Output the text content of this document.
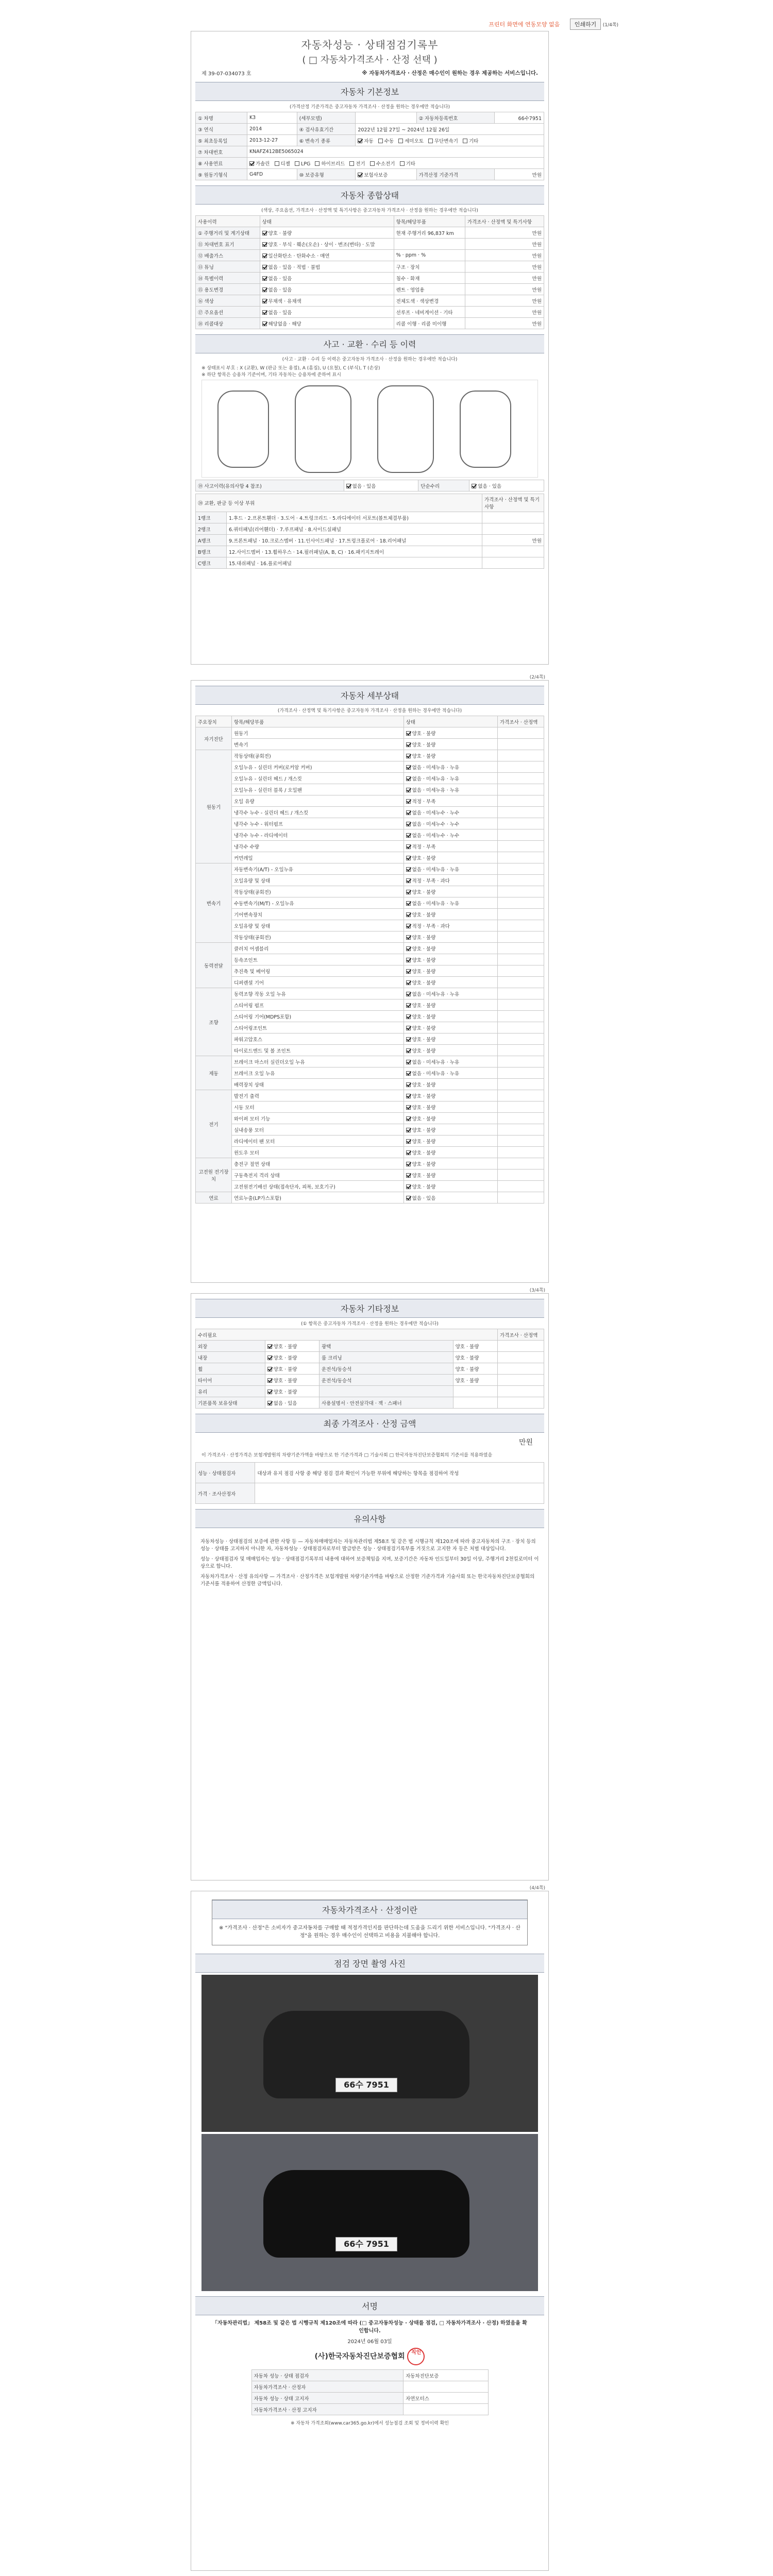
프린터 화면에 연동모양 없음	인쇄하기 (1/4쪽)
자동차성능 · 상태점검기록부
( □ 자동차가격조사 · 산정 선택 )
제 39-07-034073 호	※ 자동차가격조사 · 산정은 매수인이 원하는 경우 제공하는 서비스입니다.
자동차 기본정보
(가격산정 기준가격은 중고자동차 가격조사 · 산정을 원하는 경우에만 적습니다)
① 차명	K3	(세부모델)		② 자동차등록번호	66수7951
③ 연식	2014	④ 검사유효기간	2022년 12월 27일 ~ 2024년 12월 26일		
⑤ 최초등록일	2013-12-27	⑥ 변속기 종류	자동 수동 세미오토 무단변속기 기타		
⑦ 차대번호	KNAFZ412BE5065024				
⑧ 사용연료	가솔린 디젤 LPG 하이브리드 전기 수소전기 기타				
⑨ 원동기형식	G4FD	⑩ 보증유형	보험사보증	가격산정 기준가격	만원
자동차 종합상태
(색상, 주요옵션, 가격조사 · 산정액 및 특기사항은 중고자동차 가격조사 · 산정을 원하는 경우에만 적습니다)
사용이력	상태	항목/해당부품	가격조사 · 산정액 및 특기사항
① 주행거리 및 계기상태	양호 · 불량	현재 주행거리 96,837 km	만원
⑪ 차대번호 표기	양호 · 부식 · 훼손(오손) · 상이 · 변조(변타) · 도말		만원
⑫ 배출가스	일산화탄소 · 탄화수소 · 매연	% · ppm · %	만원
⑬ 튜닝	없음 · 있음 · 적법 · 불법	구조 · 장치	만원
⑭ 특별이력	없음 · 있음	침수 · 화재	만원
⑮ 용도변경	없음 · 있음	렌트 · 영업용	만원
⑯ 색상	무채색 · 유채색	전체도색 · 색상변경	만원
⑰ 주요옵션	없음 · 있음	선루프 · 네비게이션 · 기타	만원
⑱ 리콜대상	해당없음 · 해당	리콜 이행 · 리콜 미이행	만원
사고 · 교환 · 수리 등 이력
(사고 · 교환 · 수리 등 이력은 중고자동차 가격조사 · 산정을 원하는 경우에만 적습니다)
※ 상태표시 부호 : X (교환), W (판금 또는 용접), A (흠집), U (요철), C (부식), T (손상)
※ 하단 항목은 승용차 기준이며, 기타 자동차는 승용차에 준하여 표시
⑲ 사고이력(유의사항 4 참조)	없음 · 있음	단순수리	없음 · 있음
⑳ 교환, 판금 등 이상 부위		가격조사 · 산정액 및 특기사항
1랭크	1.후드 · 2.프론트휀더 · 3.도어 · 4.트렁크리드 · 5.라디에이터 서포트(볼트체결부품)	
2랭크	6.쿼터패널(리어휀더) · 7.루프패널 · 8.사이드실패널	
A랭크	9.프론트패널 · 10.크로스멤버 · 11.인사이드패널 · 17.트렁크플로어 · 18.리어패널	만원
B랭크	12.사이드멤버 · 13.휠하우스 · 14.필러패널(A, B, C) · 16.패키지트레이	
C랭크	15.대쉬패널 · 16.플로어패널	
(2/4쪽)
자동차 세부상태
(가격조사 · 산정액 및 특기사항은 중고자동차 가격조사 · 산정을 원하는 경우에만 적습니다)
주요장치	항목/해당부품	상태	가격조사 · 산정액
자기진단	원동기	양호 · 불량	
	변속기	양호 · 불량	
원동기	작동상태(공회전)	양호 · 불량	
	오일누유 - 실린더 커버(로커암 커버)	없음 · 미세누유 · 누유	
	오일누유 - 실린더 헤드 / 개스킷	없음 · 미세누유 · 누유	
	오일누유 - 실린더 블록 / 오일팬	없음 · 미세누유 · 누유	
	오일 유량	적정 · 부족	
	냉각수 누수 - 실린더 헤드 / 개스킷	없음 · 미세누수 · 누수	
	냉각수 누수 - 워터펌프	없음 · 미세누수 · 누수	
	냉각수 누수 - 라디에이터	없음 · 미세누수 · 누수	
	냉각수 수량	적정 · 부족	
	커먼레일	양호 · 불량	
변속기	자동변속기(A/T) - 오일누유	없음 · 미세누유 · 누유	
	오일유량 및 상태	적정 · 부족 · 과다	
	작동상태(공회전)	양호 · 불량	
	수동변속기(M/T) - 오일누유	없음 · 미세누유 · 누유	
	기어변속장치	양호 · 불량	
	오일유량 및 상태	적정 · 부족 · 과다	
	작동상태(공회전)	양호 · 불량	
동력전달	클러치 어셈블리	양호 · 불량	
	등속조인트	양호 · 불량	
	추진축 및 베어링	양호 · 불량	
	디퍼렌셜 기어	양호 · 불량	
조향	동력조향 작동 오일 누유	없음 · 미세누유 · 누유	
	스티어링 펌프	양호 · 불량	
	스티어링 기어(MDPS포함)	양호 · 불량	
	스티어링조인트	양호 · 불량	
	파워고압호스	양호 · 불량	
	타이로드엔드 및 볼 조인트	양호 · 불량	
제동	브레이크 마스터 실린더오일 누유	없음 · 미세누유 · 누유	
	브레이크 오일 누유	없음 · 미세누유 · 누유	
	배력장치 상태	양호 · 불량	
전기	발전기 출력	양호 · 불량	
	시동 모터	양호 · 불량	
	와이퍼 모터 기능	양호 · 불량	
	실내송풍 모터	양호 · 불량	
	라디에이터 팬 모터	양호 · 불량	
	윈도우 모터	양호 · 불량	
고전원 전기장치	충전구 절연 상태	양호 · 불량	
	구동축전지 격리 상태	양호 · 불량	
	고전원전기배선 상태(접속단자, 피복, 보호기구)	양호 · 불량	
연료	연료누출(LP가스포함)	없음 · 있음	
(3/4쪽)
자동차 기타정보
(① 항목은 중고자동차 가격조사 · 산정을 원하는 경우에만 적습니다)
수리필요				가격조사 · 산정액
외장	양호 · 불량	광택	양호 · 불량	
내장	양호 · 불량	룸 크리닝	양호 · 불량	
휠	양호 · 불량	운전석/동승석	양호 · 불량	
타이어	양호 · 불량	운전석/동승석	양호 · 불량	
유리	양호 · 불량			
기본품목 보유상태	없음 · 있음	사용설명서 · 안전삼각대 · 잭 · 스패너		
최종 가격조사 · 산정 금액
만원
이 가격조사 · 산정가격은 보험개발원의 차량기준가액을 바탕으로 한 기준가격과 □ 기술사회 □ 한국자동차진단보증협회의 기준서를 적용하였음
성능 · 상태점검자	대상과 유지 점검 사항 중 해당 점검 결과 확인이 가능한 부위에 해당하는 항목을 점검하여 작성
가격 · 조사산정자	
유의사항

자동차성능 · 상태점검의 보증에 관한 사항 등 — 자동차매매업자는 자동차관리법 제58조 및 같은 법 시행규칙 제120조에 따라 중고자동차의 구조 · 장치 등의 성능 · 상태를 고지하지 아니한 자, 자동차성능 · 상태점검자로부터 발급받은 성능 · 상태점검기록부를 거짓으로 고지한 자 등은 처벌 대상입니다.

성능 · 상태점검자 및 매매업자는 성능 · 상태점검기록부의 내용에 대하여 보증책임을 지며, 보증기간은 자동차 인도일부터 30일 이상, 주행거리 2천킬로미터 이상으로 합니다.

자동차가격조사 · 산정 유의사항 — 가격조사 · 산정가격은 보험개발원 차량기준가액을 바탕으로 산정한 기준가격과 기술사회 또는 한국자동차진단보증협회의 기준서를 적용하여 산정한 금액입니다.

(4/4쪽)
자동차가격조사 · 산정이란
※ "가격조사 · 산정"은 소비자가 중고자동차를 구매할 때 적정가격인지를 판단하는데 도움을 드리기 위한 서비스입니다. "가격조사 · 산정"을 원하는 경우 매수인이 선택하고 비용을 지불해야 합니다.
점검 장면 촬영 사진
66수 7951
66수 7951
서명
「자동차관리법」 제58조 및 같은 법 시행규칙 제120조에 따라 (□ 중고자동차성능 · 상태를 점검, □ 자동차가격조사 · 산정) 하였음을 확인합니다.
2024년 06월 03일
(사)한국자동차진단보증협회 직인
자동차 성능 · 상태 점검자	자동차진단보증
자동차가격조사 · 산정자	
자동차 성능 · 상태 고지자	자연모터스
자동차가격조사 · 산정 고지자	
※ 자동차 가격조회(www.car365.go.kr)에서 성능점검 조회 및 정비이력 확인
